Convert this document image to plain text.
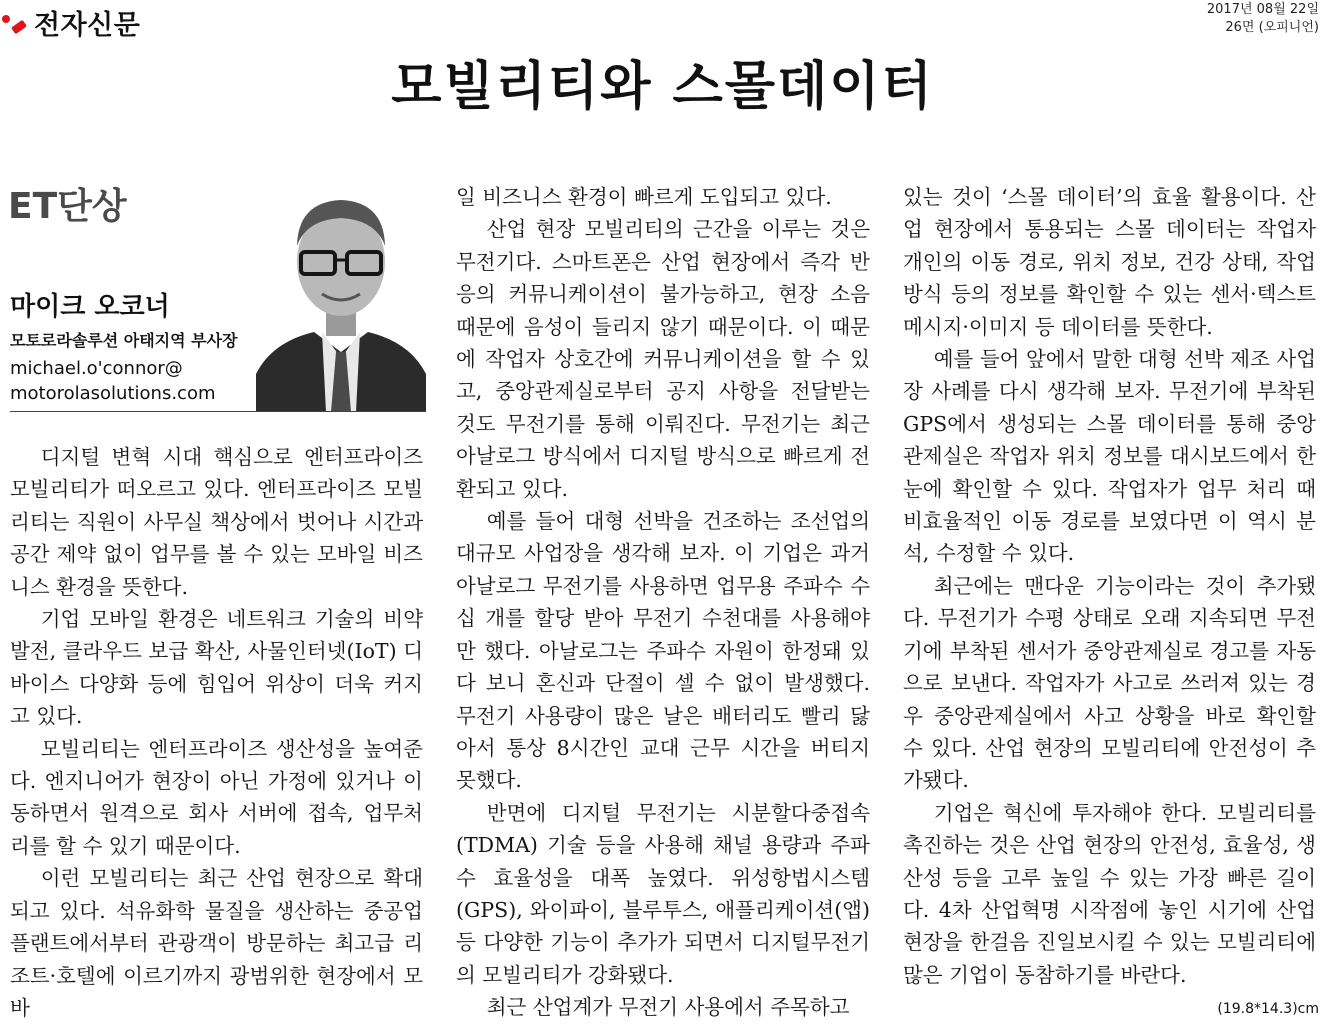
전자신문	2017년 08월 22일
26면 (오피니언)
모빌리티와 스몰데이터
ET단상
마이크 오코너
모토로라솔루션 아태지역 부사장
michael.o'connor@
motorolasolutions.com

디지털 변혁 시대 핵심으로 엔터프라이즈 모빌리티가 떠오르고 있다. 엔터프라이즈 모빌리티는 직원이 사무실 책상에서 벗어나 시간과 공간 제약 없이 업무를 볼 수 있는 모바일 비즈니스 환경을 뜻한다.

기업 모바일 환경은 네트워크 기술의 비약 발전, 클라우드 보급 확산, 사물인터넷(IoT) 디바이스 다양화 등에 힘입어 위상이 더욱 커지고 있다.

모빌리티는 엔터프라이즈 생산성을 높여준다. 엔지니어가 현장이 아닌 가정에 있거나 이동하면서 원격으로 회사 서버에 접속, 업무처리를 할 수 있기 때문이다.

이런 모빌리티는 최근 산업 현장으로 확대되고 있다. 석유화학 물질을 생산하는 중공업 플랜트에서부터 관광객이 방문하는 최고급 리조트·호텔에 이르기까지 광범위한 현장에서 모바

일 비즈니스 환경이 빠르게 도입되고 있다.

산업 현장 모빌리티의 근간을 이루는 것은 무전기다. 스마트폰은 산업 현장에서 즉각 반응의 커뮤니케이션이 불가능하고, 현장 소음 때문에 음성이 들리지 않기 때문이다. 이 때문에 작업자 상호간에 커뮤니케이션을 할 수 있고, 중앙관제실로부터 공지 사항을 전달받는 것도 무전기를 통해 이뤄진다. 무전기는 최근 아날로그 방식에서 디지털 방식으로 빠르게 전환되고 있다.

예를 들어 대형 선박을 건조하는 조선업의 대규모 사업장을 생각해 보자. 이 기업은 과거 아날로그 무전기를 사용하면 업무용 주파수 수십 개를 할당 받아 무전기 수천대를 사용해야만 했다. 아날로그는 주파수 자원이 한정돼 있다 보니 혼신과 단절이 셀 수 없이 발생했다. 무전기 사용량이 많은 날은 배터리도 빨리 닳아서 통상 8시간인 교대 근무 시간을 버티지 못했다.

반면에 디지털 무전기는 시분할다중접속(TDMA) 기술 등을 사용해 채널 용량과 주파수 효율성을 대폭 높였다. 위성항법시스템(GPS), 와이파이, 블루투스, 애플리케이션(앱) 등 다양한 기능이 추가가 되면서 디지털무전기의 모빌리티가 강화됐다.

최근 산업계가 무전기 사용에서 주목하고

있는 것이 ‘스몰 데이터’의 효율 활용이다. 산업 현장에서 통용되는 스몰 데이터는 작업자 개인의 이동 경로, 위치 정보, 건강 상태, 작업 방식 등의 정보를 확인할 수 있는 센서·텍스트 메시지·이미지 등 데이터를 뜻한다.

예를 들어 앞에서 말한 대형 선박 제조 사업장 사례를 다시 생각해 보자. 무전기에 부착된 GPS에서 생성되는 스몰 데이터를 통해 중앙관제실은 작업자 위치 정보를 대시보드에서 한눈에 확인할 수 있다. 작업자가 업무 처리 때 비효율적인 이동 경로를 보였다면 이 역시 분석, 수정할 수 있다.

최근에는 맨다운 기능이라는 것이 추가됐다. 무전기가 수평 상태로 오래 지속되면 무전기에 부착된 센서가 중앙관제실로 경고를 자동으로 보낸다. 작업자가 사고로 쓰러져 있는 경우 중앙관제실에서 사고 상황을 바로 확인할 수 있다. 산업 현장의 모빌리티에 안전성이 추가됐다.

기업은 혁신에 투자해야 한다. 모빌리티를 촉진하는 것은 산업 현장의 안전성, 효율성, 생산성 등을 고루 높일 수 있는 가장 빠른 길이다. 4차 산업혁명 시작점에 놓인 시기에 산업 현장을 한걸음 진일보시킬 수 있는 모빌리티에 많은 기업이 동참하기를 바란다.

(19.8*14.3)cm
